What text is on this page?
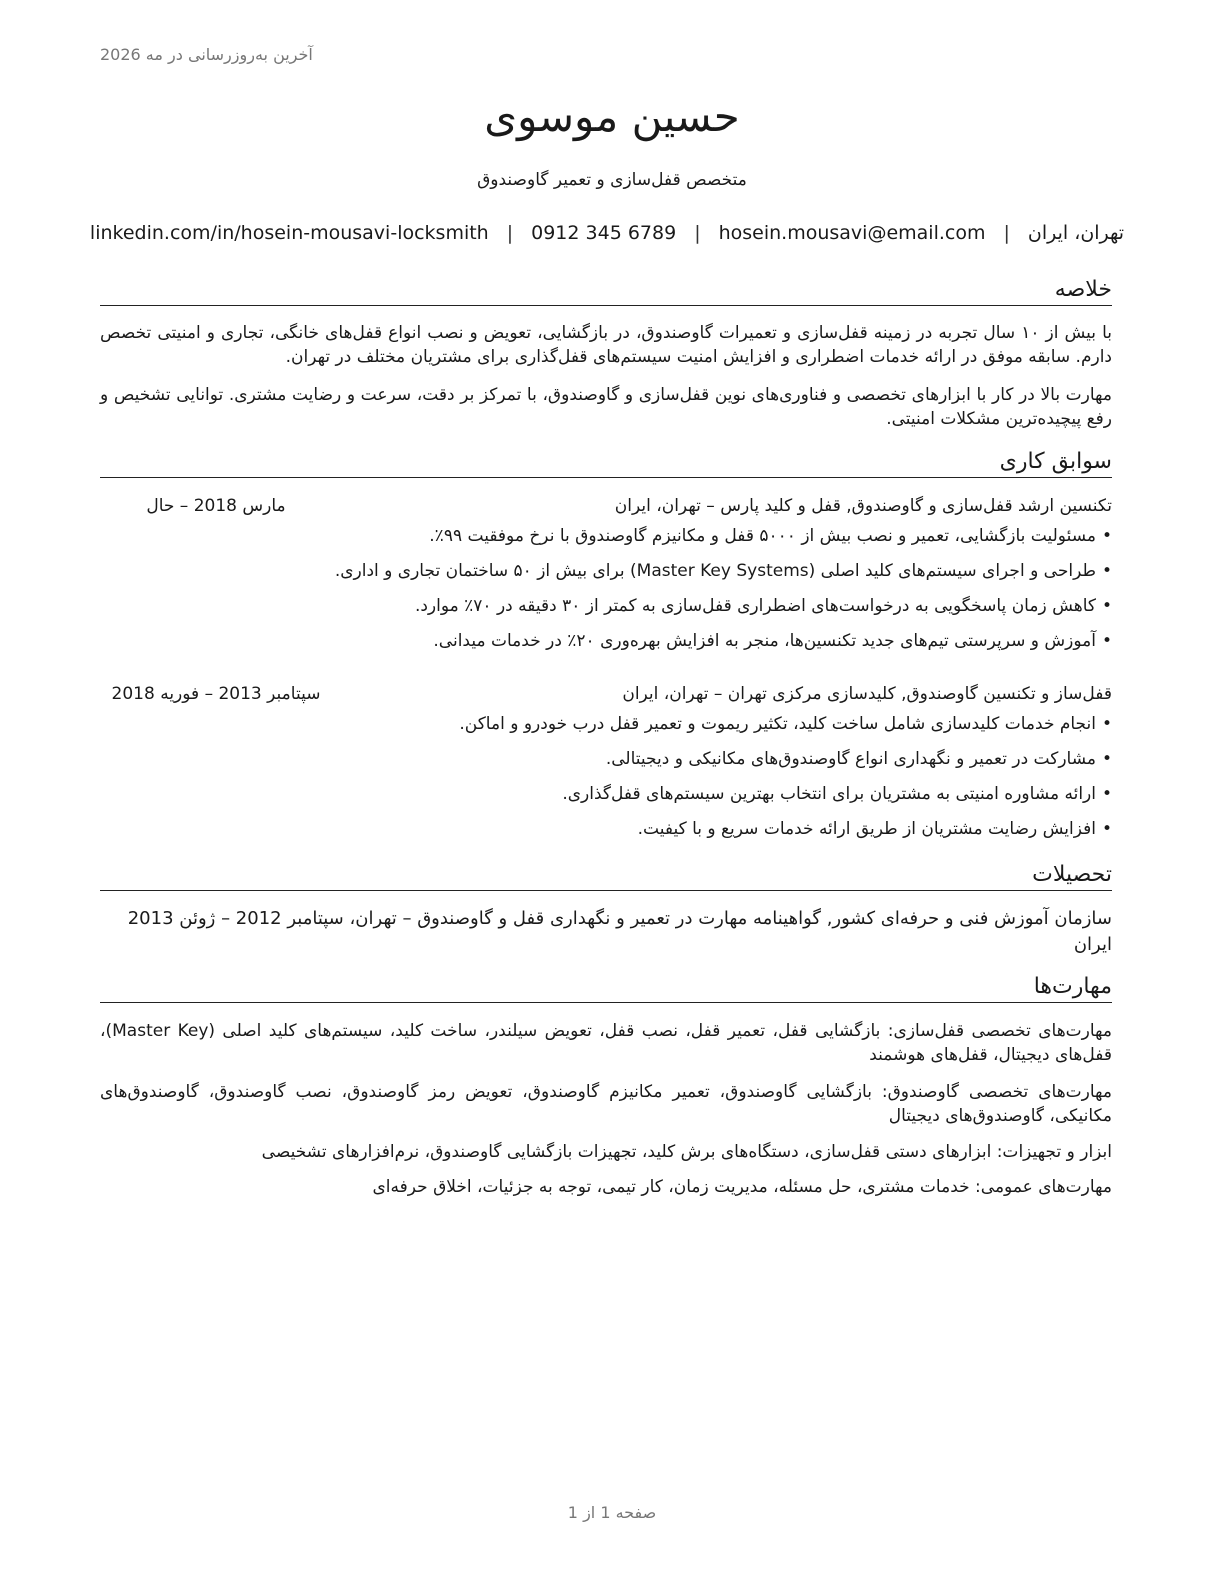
آخرین به‌روزرسانی در مه 2026
حسین موسوی
متخصص قفل‌سازی و تعمیر گاوصندوق
تهران، ایران
|
hosein.mousavi@email.com
|
0912 345 6789
|
linkedin.com/in/hosein-mousavi-locksmith
خلاصه
با بیش از ۱۰ سال تجربه در زمینه قفل‌سازی و تعمیرات گاوصندوق، در بازگشایی، تعویض و نصب انواع قفل‌های خانگی، تجاری و امنیتی تخصص دارم. سابقه موفق در ارائه خدمات اضطراری و افزایش امنیت سیستم‌های قفل‌گذاری برای مشتریان مختلف در تهران.
مهارت بالا در کار با ابزارهای تخصصی و فناوری‌های نوین قفل‌سازی و گاوصندوق، با تمرکز بر دقت، سرعت و رضایت مشتری. توانایی تشخیص و رفع پیچیده‌ترین مشکلات امنیتی.
سوابق کاری
تکنسین ارشد قفل‌سازی و گاوصندوق, قفل و کلید پارس – تهران، ایران
مارس 2018 – حال
• مسئولیت بازگشایی، تعمیر و نصب بیش از ۵۰۰۰ قفل و مکانیزم گاوصندوق با نرخ موفقیت ۹۹٪.
• طراحی و اجرای سیستم‌های کلید اصلی (Master Key Systems) برای بیش از ۵۰ ساختمان تجاری و اداری.
• کاهش زمان پاسخگویی به درخواست‌های اضطراری قفل‌سازی به کمتر از ۳۰ دقیقه در ۷۰٪ موارد.
• آموزش و سرپرستی تیم‌های جدید تکنسین‌ها، منجر به افزایش بهره‌وری ۲۰٪ در خدمات میدانی.
قفل‌ساز و تکنسین گاوصندوق, کلیدسازی مرکزی تهران – تهران، ایران
سپتامبر 2013 – فوریه 2018
• انجام خدمات کلیدسازی شامل ساخت کلید، تکثیر ریموت و تعمیر قفل درب خودرو و اماکن.
• مشارکت در تعمیر و نگهداری انواع گاوصندوق‌های مکانیکی و دیجیتالی.
• ارائه مشاوره امنیتی به مشتریان برای انتخاب بهترین سیستم‌های قفل‌گذاری.
• افزایش رضایت مشتریان از طریق ارائه خدمات سریع و با کیفیت.
تحصیلات
سازمان آموزش فنی و حرفه‌ای کشور, گواهینامه مهارت در تعمیر و نگهداری قفل و گاوصندوق – تهران، سپتامبر 2012 – ژوئن 2013 ایران
مهارت‌ها
مهارت‌های تخصصی قفل‌سازی: بازگشایی قفل، تعمیر قفل، نصب قفل، تعویض سیلندر، ساخت کلید، سیستم‌های کلید اصلی (Master Key)، قفل‌های دیجیتال، قفل‌های هوشمند
مهارت‌های تخصصی گاوصندوق: بازگشایی گاوصندوق، تعمیر مکانیزم گاوصندوق، تعویض رمز گاوصندوق، نصب گاوصندوق، گاوصندوق‌های مکانیکی، گاوصندوق‌های دیجیتال
ابزار و تجهیزات: ابزارهای دستی قفل‌سازی، دستگاه‌های برش کلید، تجهیزات بازگشایی گاوصندوق، نرم‌افزارهای تشخیصی
مهارت‌های عمومی: خدمات مشتری، حل مسئله، مدیریت زمان، کار تیمی، توجه به جزئیات، اخلاق حرفه‌ای
صفحه 1 از 1
